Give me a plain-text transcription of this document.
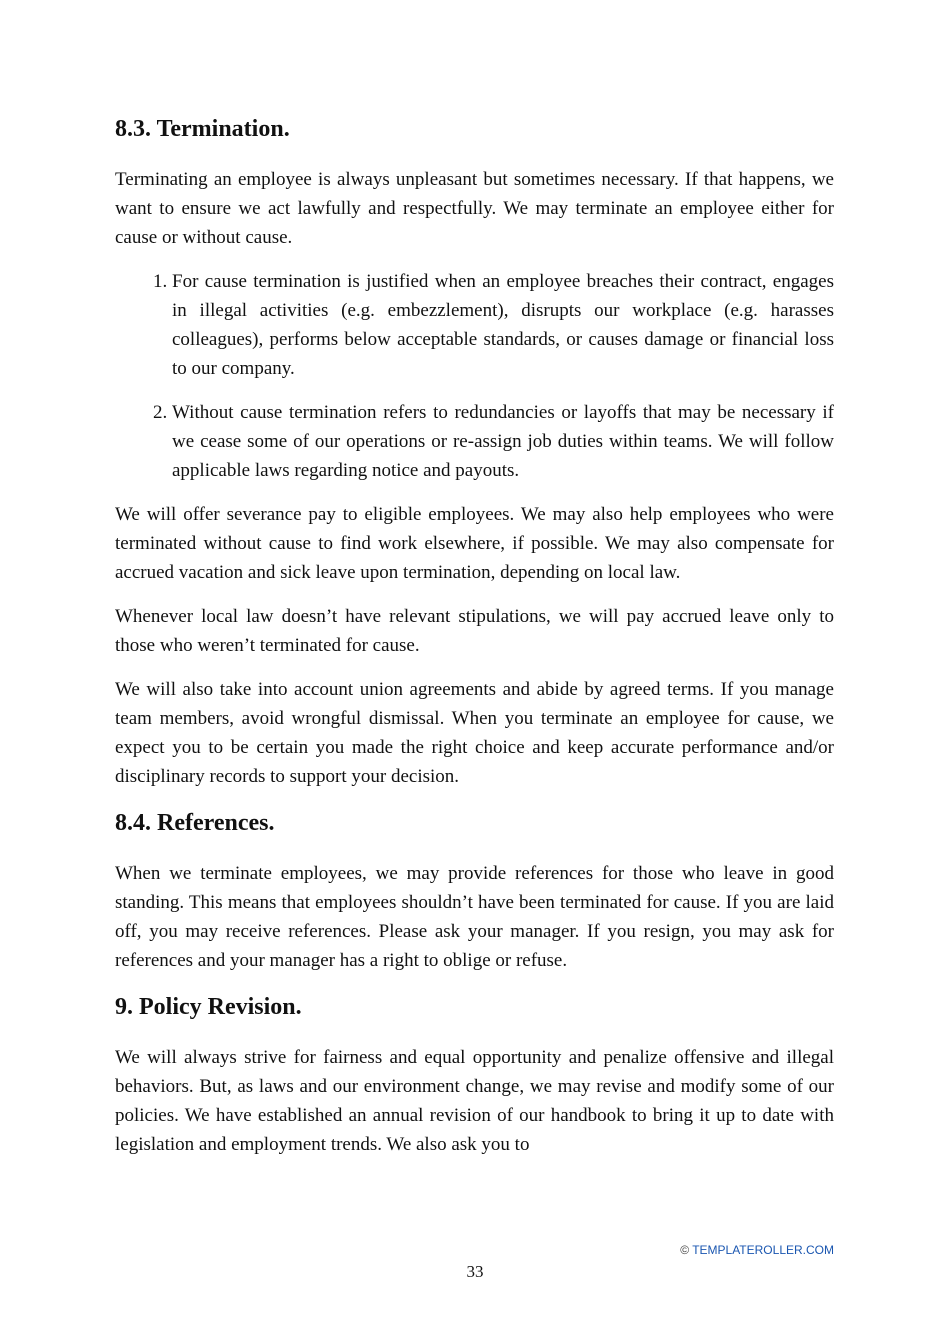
8.3. Termination.

Terminating an employee is always unpleasant but sometimes necessary. If that happens, we want to ensure we act lawfully and respectfully. We may terminate an employee either for cause or without cause.

1. For cause termination is justified when an employee breaches their contract, engages in illegal activities (e.g. embezzlement), disrupts our workplace (e.g. harasses colleagues), performs below acceptable standards, or causes damage or financial loss to our company.
2. Without cause termination refers to redundancies or layoffs that may be necessary if we cease some of our operations or re-assign job duties within teams. We will follow applicable laws regarding notice and payouts.

We will offer severance pay to eligible employees. We may also help employees who were terminated without cause to find work elsewhere, if possible. We may also compensate for accrued vacation and sick leave upon termination, depending on local law.

Whenever local law doesn’t have relevant stipulations, we will pay accrued leave only to those who weren’t terminated for cause.

We will also take into account union agreements and abide by agreed terms. If you manage team members, avoid wrongful dismissal. When you terminate an employee for cause, we expect you to be certain you made the right choice and keep accurate performance and/or disciplinary records to support your decision.

8.4. References.

When we terminate employees, we may provide references for those who leave in good standing. This means that employees shouldn’t have been terminated for cause. If you are laid off, you may receive references. Please ask your manager. If you resign, you may ask for references and your manager has a right to oblige or refuse.

9. Policy Revision.

We will always strive for fairness and equal opportunity and penalize offensive and illegal behaviors. But, as laws and our environment change, we may revise and modify some of our policies. We have established an annual revision of our handbook to bring it up to date with legislation and employment trends. We also ask you to

© TEMPLATEROLLER.COM
33
